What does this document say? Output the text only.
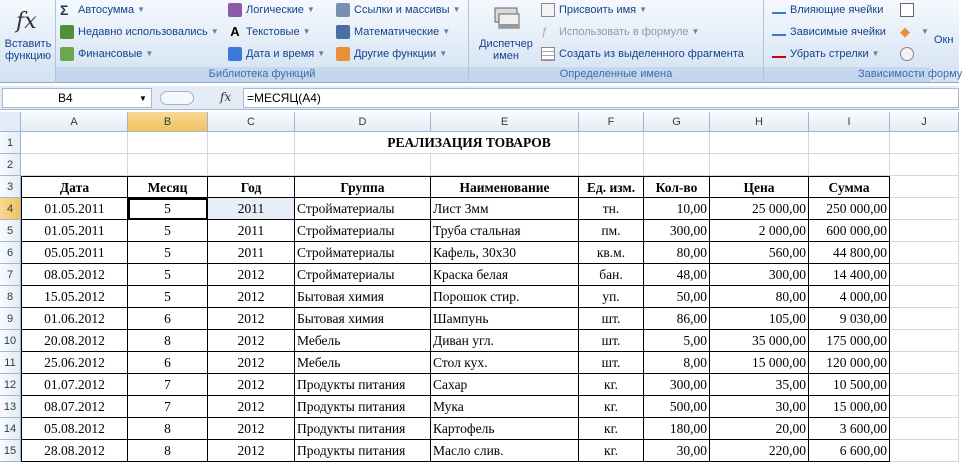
fx
Вставить
функцию
Σ Автосумма ▼
Недавно использовались ▼
Финансовые ▼
Логические ▼
A Текстовые ▼
Дата и время ▼
Ссылки и массивы ▼
Математические ▼
Другие функции ▼
Библиотека функций
Диспетчер
имен
Присвоить имя ▼
ƒ	Использовать в формуле ▼
Создать из выделенного фрагмента
Определенные имена
Влияющие ячейки
Зависимые ячейки
Убрать стрелки ▼
◆	▼
Зависимости форму
Окн
B4	▼	fx	=МЕСЯЦ(A4)
A	B	C	D	E	F	G	H	I	J
1
2
3
4
5
6
7
8
9
10
11
12
13
14
15
РЕАЛИЗАЦИЯ ТОВАРОВ
Дата	Месяц	Год	Группа	Наименование	Ед. изм.	Кол-во	Цена	Сумма
01.05.2011	5	2011	Стройматериалы	Лист 3мм	тн.	10,00	25 000,00	250 000,00
01.05.2011	5	2011	Стройматериалы	Труба стальная	пм.	300,00	2 000,00	600 000,00
05.05.2011	5	2011	Стройматериалы	Кафель, 30x30	кв.м.	80,00	560,00	44 800,00
08.05.2012	5	2012	Стройматериалы	Краска белая	бан.	48,00	300,00	14 400,00
15.05.2012	5	2012	Бытовая химия	Порошок стир.	уп.	50,00	80,00	4 000,00
01.06.2012	6	2012	Бытовая химия	Шампунь	шт.	86,00	105,00	9 030,00
20.08.2012	8	2012	Мебель	Диван угл.	шт.	5,00	35 000,00	175 000,00
25.06.2012	6	2012	Мебель	Стол кух.	шт.	8,00	15 000,00	120 000,00
01.07.2012	7	2012	Продукты питания	Сахар	кг.	300,00	35,00	10 500,00
08.07.2012	7	2012	Продукты питания	Мука	кг.	500,00	30,00	15 000,00
05.08.2012	8	2012	Продукты питания	Картофель	кг.	180,00	20,00	3 600,00
28.08.2012	8	2012	Продукты питания	Масло слив.	кг.	30,00	220,00	6 600,00
